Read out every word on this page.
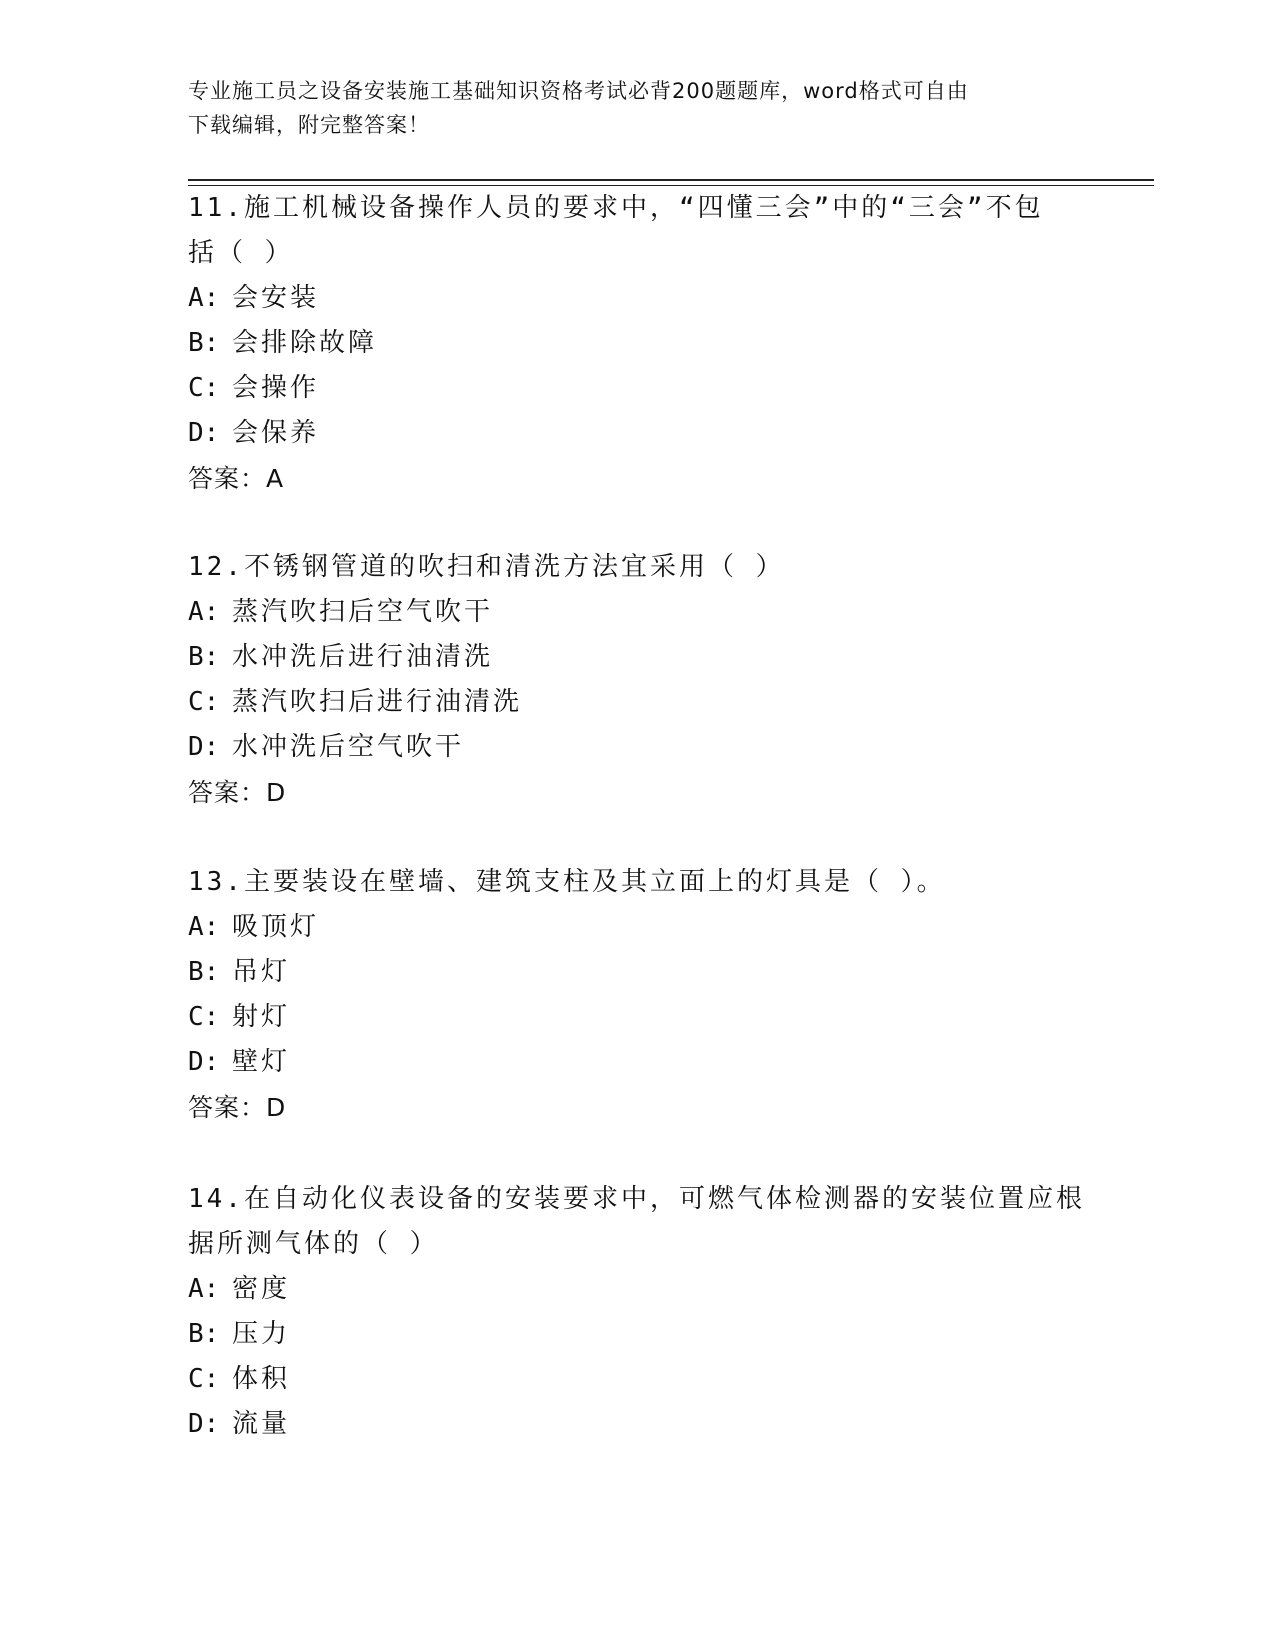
专业施工员之设备安装施工基础知识资格考试必背200题题库，word格式可自由
下载编辑，附完整答案！

11.施工机械设备操作人员的要求中，“四懂三会”中的“三会”不包

括（ ）

A: 会安装

B: 会排除故障

C: 会操作

D: 会保养

答案：A

12.不锈钢管道的吹扫和清洗方法宜采用（ ）

A: 蒸汽吹扫后空气吹干

B: 水冲洗后进行油清洗

C: 蒸汽吹扫后进行油清洗

D: 水冲洗后空气吹干

答案：D

13.主要装设在壁墙、建筑支柱及其立面上的灯具是（ ）。

A: 吸顶灯

B: 吊灯

C: 射灯

D: 壁灯

答案：D

14.在自动化仪表设备的安装要求中，可燃气体检测器的安装位置应根

据所测气体的（ ）

A: 密度

B: 压力

C: 体积

D: 流量
